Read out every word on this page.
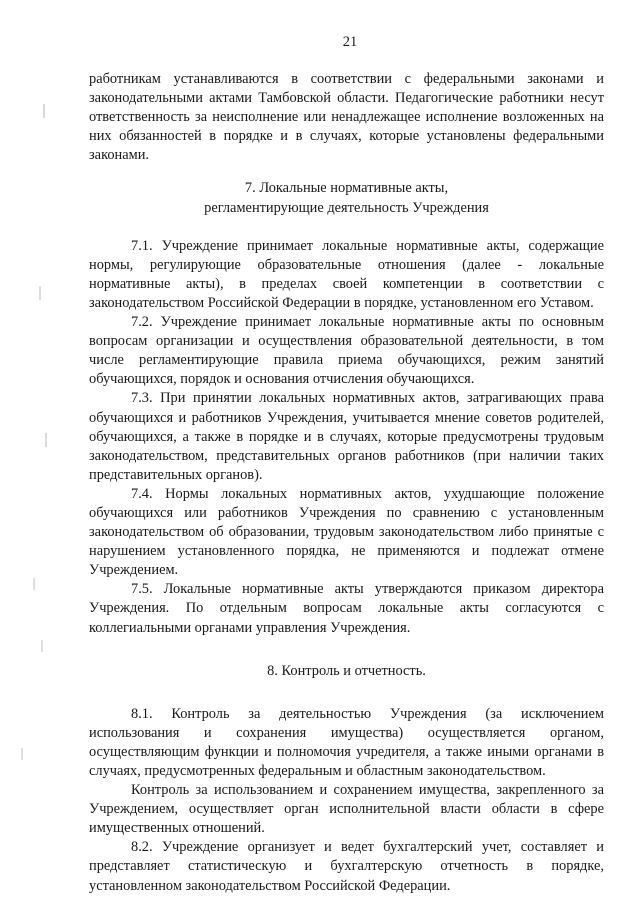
21

работникам устанавливаются в соответствии с федеральными законами и законодательными актами Тамбовской области. Педагогические работники несут ответственность за неисполнение или ненадлежащее исполнение возложенных на них обязанностей в порядке и в случаях, которые установлены федеральными законами.

7. Локальные нормативные акты,

регламентирующие деятельность Учреждения

7.1. Учреждение принимает локальные нормативные акты, содержащие нормы, регулирующие образовательные отношения (далее - локальные нормативные акты), в пределах своей компетенции в соответствии с законодательством Российской Федерации в порядке, установленном его Уставом.

7.2. Учреждение принимает локальные нормативные акты по основным вопросам организации и осуществления образовательной деятельности, в том числе регламентирующие правила приема обучающихся, режим занятий обучающихся, порядок и основания отчисления обучающихся.

7.3. При принятии локальных нормативных актов, затрагивающих права обучающихся и работников Учреждения, учитывается мнение советов родителей, обучающихся, а также в порядке и в случаях, которые предусмотрены трудовым законодательством, представительных органов работников (при наличии таких представительных органов).

7.4. Нормы локальных нормативных актов, ухудшающие положение обучающихся или работников Учреждения по сравнению с установленным законодательством об образовании, трудовым законодательством либо принятые с нарушением установленного порядка, не применяются и подлежат отмене Учреждением.

7.5. Локальные нормативные акты утверждаются приказом директора Учреждения. По отдельным вопросам локальные акты согласуются с коллегиальными органами управления Учреждения.

8. Контроль и отчетность.

8.1. Контроль за деятельностью Учреждения (за исключением использования и сохранения имущества) осуществляется органом, осуществляющим функции и полномочия учредителя, а также иными органами в случаях, предусмотренных федеральным и областным законодательством.

Контроль за использованием и сохранением имущества, закрепленного за Учреждением, осуществляет орган исполнительной власти области в сфере имущественных отношений.

8.2. Учреждение организует и ведет бухгалтерский учет, составляет и представляет статистическую и бухгалтерскую отчетность в порядке, установленном законодательством Российской Федерации.
